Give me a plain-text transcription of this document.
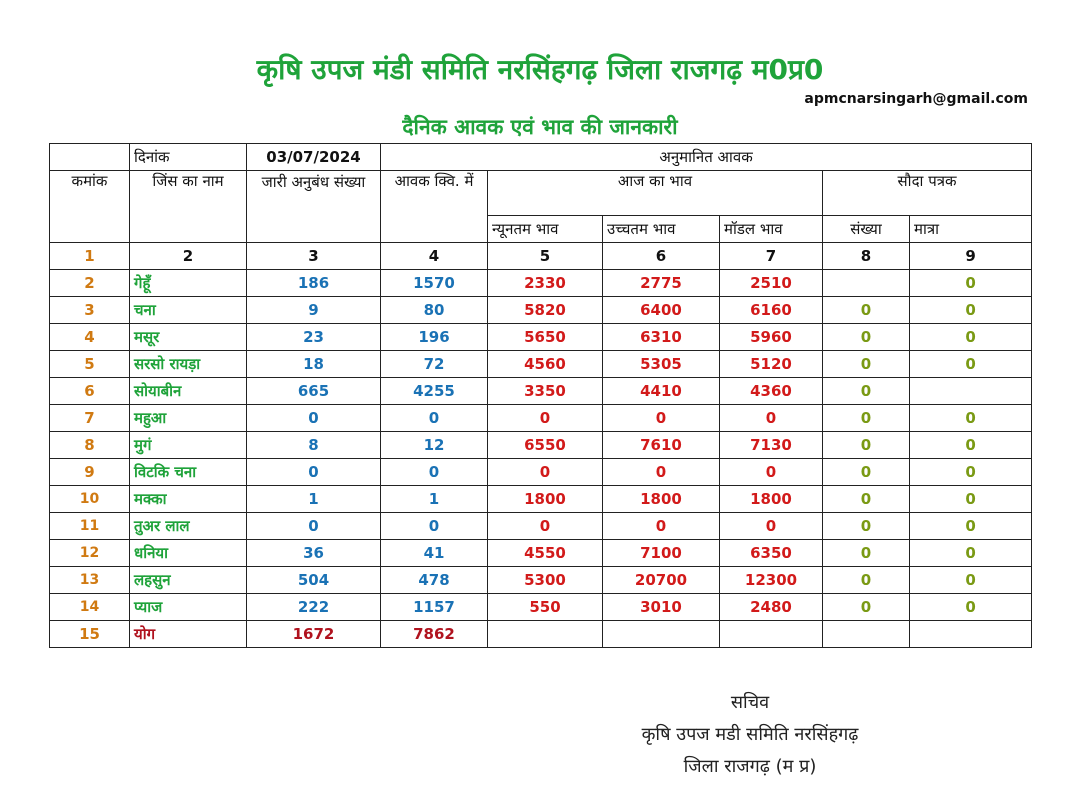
कृषि उपज मंडी समिति नरसिंहगढ़ जिला राजगढ़ म0प्र0
apmcnarsingarh@gmail.com
दैनिक आवक एवं भाव की जानकारी
	दिनांक	03/07/2024	अनुमानित आवक					
कमांक	जिंस का नाम	जारी अनुबंध संख्या	आवक क्वि. में	आज का भाव			सौदा पत्रक	
				न्यूनतम भाव	उच्चतम भाव	मॉडल भाव	संख्या	मात्रा
1	2	3	4	5	6	7	8	9
2	गेहूँ	186	1570	2330	2775	2510		0
3	चना	9	80	5820	6400	6160	0	0
4	मसूर	23	196	5650	6310	5960	0	0
5	सरसो रायड़ा	18	72	4560	5305	5120	0	0
6	सोयाबीन	665	4255	3350	4410	4360	0	
7	महुआ	0	0	0	0	0	0	0
8	मुगं	8	12	6550	7610	7130	0	0
9	विटकि चना	0	0	0	0	0	0	0
10	मक्का	1	1	1800	1800	1800	0	0
11	तुअर लाल	0	0	0	0	0	0	0
12	धनिया	36	41	4550	7100	6350	0	0
13	लहसुन	504	478	5300	20700	12300	0	0
14	प्याज	222	1157	550	3010	2480	0	0
15	योग	1672	7862					
सचिव
कृषि उपज मडी समिति नरसिंहगढ़
जिला राजगढ़ (म प्र)
